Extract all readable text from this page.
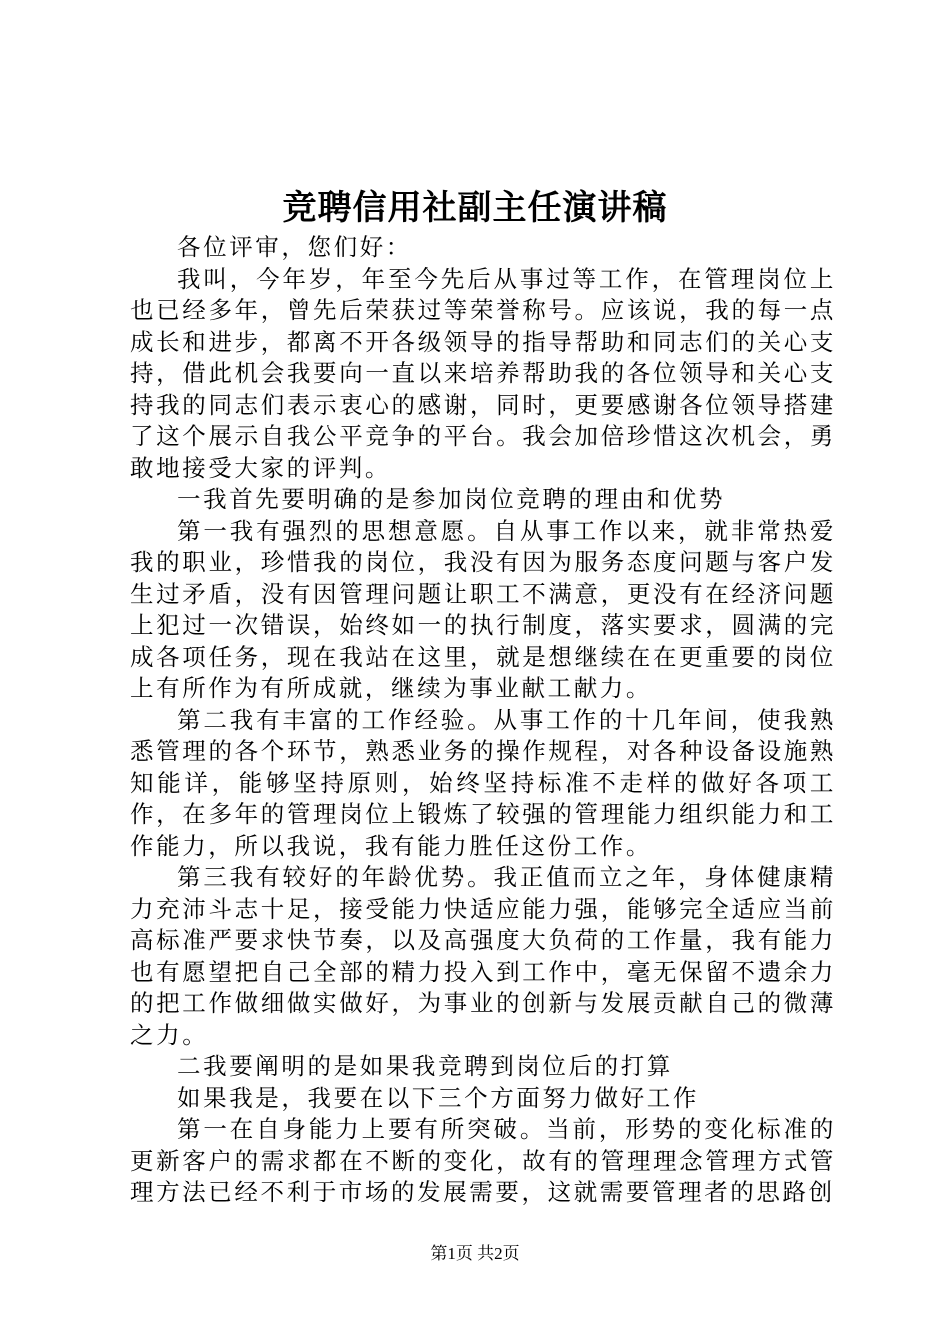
竞聘信用社副主任演讲稿

各位评审，您们好：

我叫，今年岁，年至今先后从事过等工作，在管理岗位上也已经多年，曾先后荣获过等荣誉称号。应该说，我的每一点成长和进步，都离不开各级领导的指导帮助和同志们的关心支持，借此机会我要向一直以来培养帮助我的各位领导和关心支持我的同志们表示衷心的感谢，同时，更要感谢各位领导搭建了这个展示自我公平竞争的平台。我会加倍珍惜这次机会，勇敢地接受大家的评判。

一我首先要明确的是参加岗位竞聘的理由和优势

第一我有强烈的思想意愿。自从事工作以来，就非常热爱我的职业，珍惜我的岗位，我没有因为服务态度问题与客户发生过矛盾，没有因管理问题让职工不满意，更没有在经济问题上犯过一次错误，始终如一的执行制度，落实要求，圆满的完成各项任务，现在我站在这里，就是想继续在在更重要的岗位上有所作为有所成就，继续为事业献工献力。

第二我有丰富的工作经验。从事工作的十几年间，使我熟悉管理的各个环节，熟悉业务的操作规程，对各种设备设施熟知能详，能够坚持原则，始终坚持标准不走样的做好各项工作，在多年的管理岗位上锻炼了较强的管理能力组织能力和工作能力，所以我说，我有能力胜任这份工作。

第三我有较好的年龄优势。我正值而立之年，身体健康精力充沛斗志十足，接受能力快适应能力强，能够完全适应当前高标准严要求快节奏，以及高强度大负荷的工作量，我有能力也有愿望把自己全部的精力投入到工作中，毫无保留不遗余力的把工作做细做实做好，为事业的创新与发展贡献自己的微薄之力。

二我要阐明的是如果我竞聘到岗位后的打算

如果我是，我要在以下三个方面努力做好工作

第一在自身能力上要有所突破。当前，形势的变化标准的更新客户的需求都在不断的变化，故有的管理理念管理方式管理方法已经不利于市场的发展需要，这就需要管理者的思路创

第1页 共2页
